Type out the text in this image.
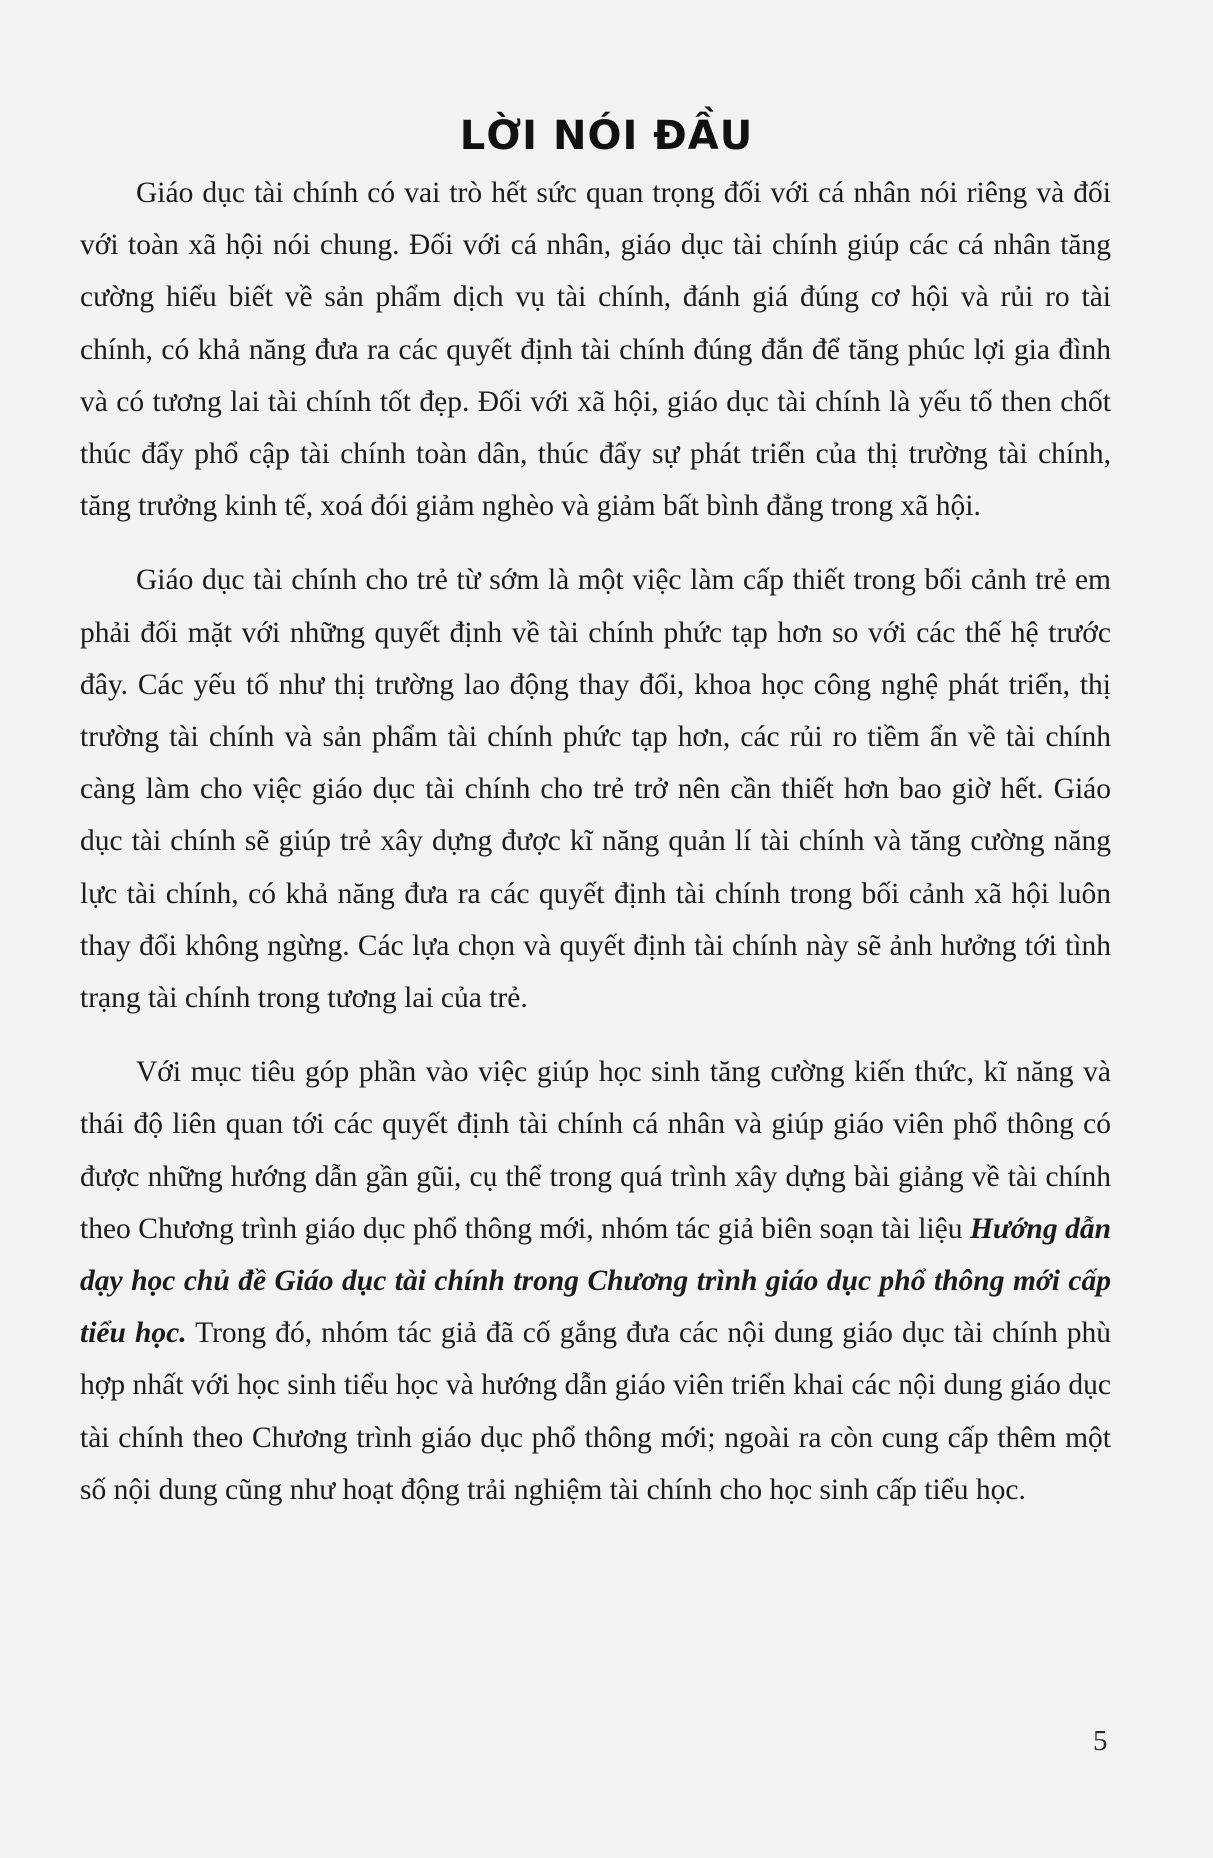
LỜI NÓI ĐẦU

Giáo dục tài chính có vai trò hết sức quan trọng đối với cá nhân nói riêng và đối với toàn xã hội nói chung. Đối với cá nhân, giáo dục tài chính giúp các cá nhân tăng cường hiểu biết về sản phẩm dịch vụ tài chính, đánh giá đúng cơ hội và rủi ro tài chính, có khả năng đưa ra các quyết định tài chính đúng đắn để tăng phúc lợi gia đình và có tương lai tài chính tốt đẹp. Đối với xã hội, giáo dục tài chính là yếu tố then chốt thúc đẩy phổ cập tài chính toàn dân, thúc đẩy sự phát triển của thị trường tài chính, tăng trưởng kinh tế, xoá đói giảm nghèo và giảm bất bình đẳng trong xã hội.

Giáo dục tài chính cho trẻ từ sớm là một việc làm cấp thiết trong bối cảnh trẻ em phải đối mặt với những quyết định về tài chính phức tạp hơn so với các thế hệ trước đây. Các yếu tố như thị trường lao động thay đổi, khoa học công nghệ phát triển, thị trường tài chính và sản phẩm tài chính phức tạp hơn, các rủi ro tiềm ẩn về tài chính càng làm cho việc giáo dục tài chính cho trẻ trở nên cần thiết hơn bao giờ hết. Giáo dục tài chính sẽ giúp trẻ xây dựng được kĩ năng quản lí tài chính và tăng cường năng lực tài chính, có khả năng đưa ra các quyết định tài chính trong bối cảnh xã hội luôn thay đổi không ngừng. Các lựa chọn và quyết định tài chính này sẽ ảnh hưởng tới tình trạng tài chính trong tương lai của trẻ.

Với mục tiêu góp phần vào việc giúp học sinh tăng cường kiến thức, kĩ năng và thái độ liên quan tới các quyết định tài chính cá nhân và giúp giáo viên phổ thông có được những hướng dẫn gần gũi, cụ thể trong quá trình xây dựng bài giảng về tài chính theo Chương trình giáo dục phổ thông mới, nhóm tác giả biên soạn tài liệu Hướng dẫn dạy học chủ đề Giáo dục tài chính trong Chương trình giáo dục phổ thông mới cấp tiểu học. Trong đó, nhóm tác giả đã cố gắng đưa các nội dung giáo dục tài chính phù hợp nhất với học sinh tiểu học và hướng dẫn giáo viên triển khai các nội dung giáo dục tài chính theo Chương trình giáo dục phổ thông mới; ngoài ra còn cung cấp thêm một số nội dung cũng như hoạt động trải nghiệm tài chính cho học sinh cấp tiểu học.

5
